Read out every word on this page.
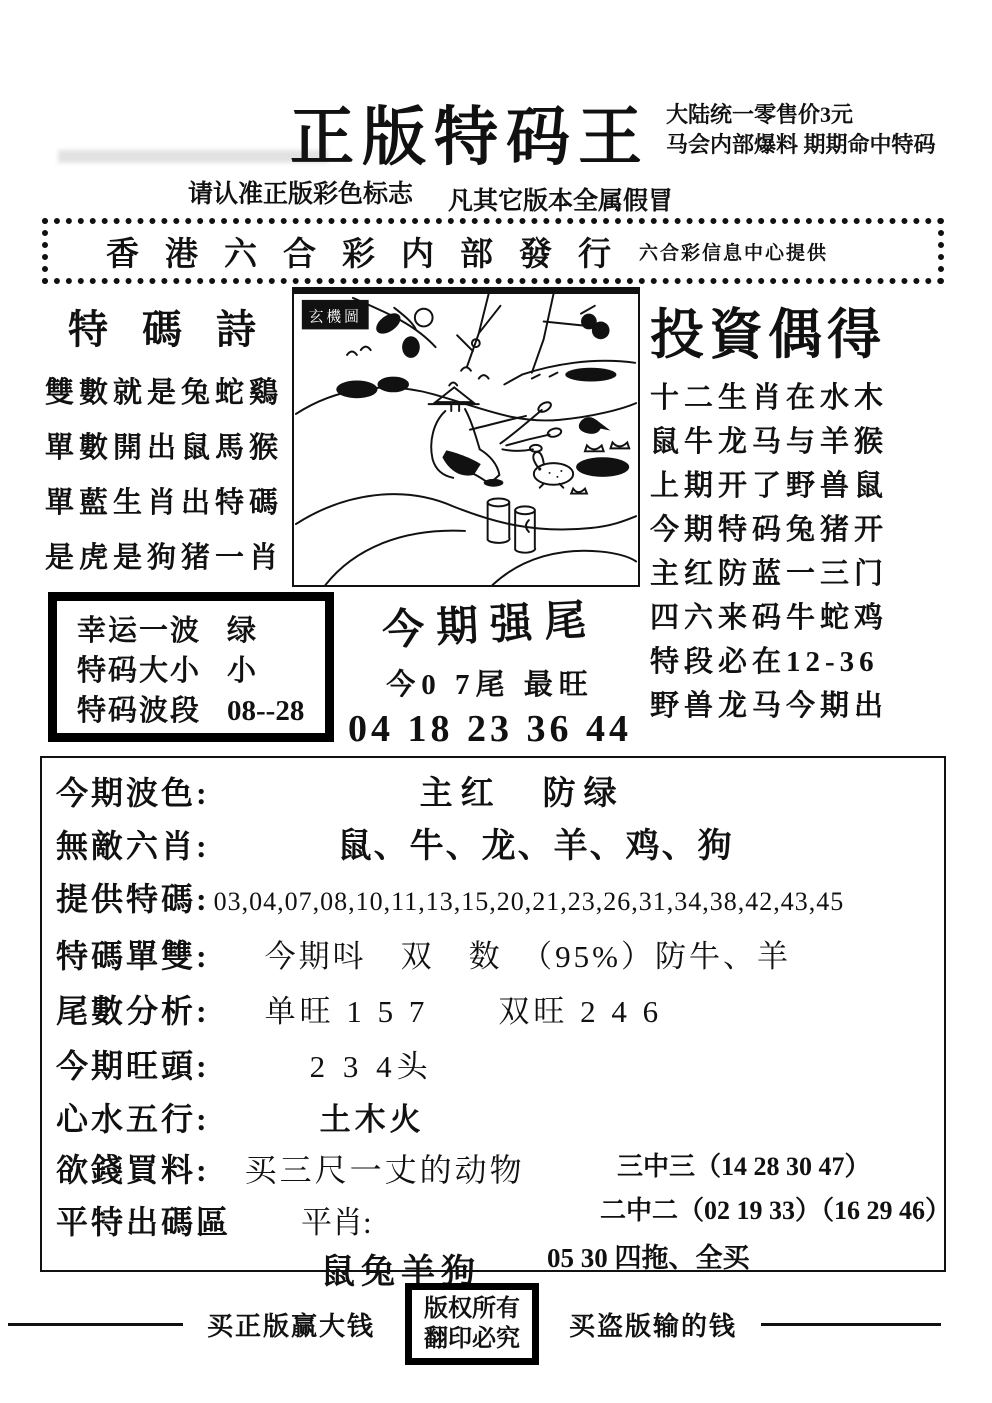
正版特码王 大陆统一零售价3元
马会内部爆料 期期命中特码
请认准正版彩色标志 凡其它版本全属假冒
香港六合彩内部發行 六合彩信息中心提供
特 碼 詩
雙數就是兔蛇鷄
單數開出鼠馬猴
單藍生肖出特碼
是虎是狗猪一肖
玄機圖	投資偶得
十二生肖在水木
鼠牛龙马与羊猴
上期开了野兽鼠
今期特码兔猪开
主红防蓝一三门
四六来码牛蛇鸡
特段必在12-36
野兽龙马今期出
今期强尾
今0 7尾 最旺
04 18 23 36 44
幸运一波 绿
特码大小 小
特码波段 08--28
今期波色:	主红　防绿
無敵六肖:	鼠、牛、龙、羊、鸡、狗
提供特碼: 03,04,07,08,10,11,13,15,20,21,23,26,31,34,38,42,43,45
特碼單雙: 今期呌　双　数　（95%）防牛、羊
尾數分析: 单旺 1 5 7　　双旺 2 4 6
今期旺頭:	2 3 4头
心水五行:	土木火
欲錢買料: 买三尺一丈的动物
平特出碼區 平肖:
鼠兔羊狗
三中三（14 28 30 47）
二中二（02 19 33）（16 29 46）
05 30 四拖、全买
买正版赢大钱
版权所有
翻印必究	买盗版输的钱
